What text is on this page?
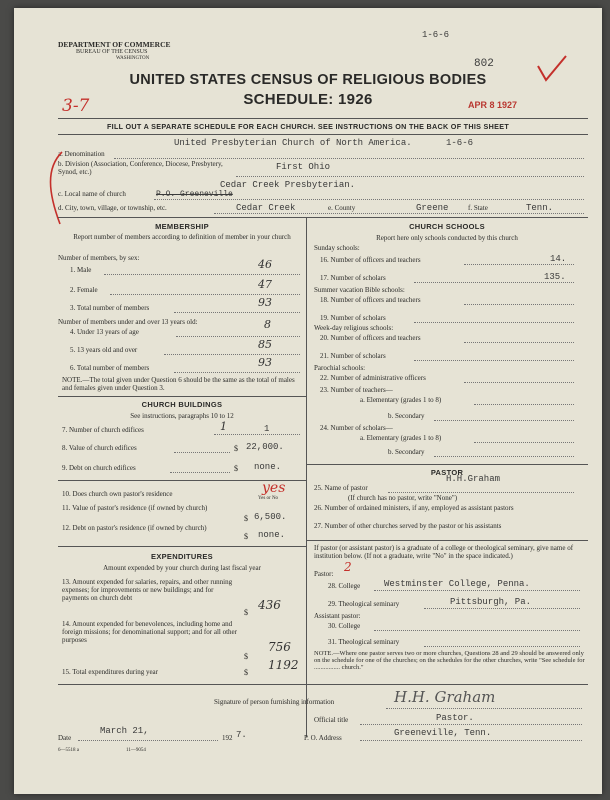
DEPARTMENT OF COMMERCE
BUREAU OF THE CENSUS
WASHINGTON
1-6-6
802
UNITED STATES CENSUS OF RELIGIOUS BODIES
SCHEDULE: 1926
3-7	APR 8 1927
FILL OUT A SEPARATE SCHEDULE FOR EACH CHURCH. SEE INSTRUCTIONS ON THE BACK OF THIS SHEET
United Presbyterian Church of North America.	1-6-6
a. Denomination
b. Division (Association, Conference, Diocese, Presbytery, Synod, etc.)	First Ohio
Cedar Creek Presbyterian.
c. Local name of church	P.O. Greeneville
d. City, town, village, or township, etc.	Cedar Creek	e. County	Greene	f. State	Tenn.
MEMBERSHIP
Report number of members according to definition of member in your church
Number of members, by sex:
1. Male	46
2. Female	47
3. Total number of members	93
Number of members under and over 13 years old:
4. Under 13 years of age
8
5. 13 years old and over	85
6. Total number of members	93
NOTE.—The total given under Question 6 should be the same as the total of males and females given under Question 3.
CHURCH BUILDINGS
See instructions, paragraphs 10 to 12
7. Number of church edifices	1	1
8. Value of church edifices	$ 22,000.
9. Debt on church edifices	$ none.
10. Does church own pastor's residence	yes
Yes or No
11. Value of pastor's residence (if owned by church)
$ 6,500.
12. Debt on pastor's residence (if owned by church)
$ none.
EXPENDITURES
Amount expended by your church during last fiscal year
13. Amount expended for salaries, repairs, and other running expenses; for improvements or new buildings; and for payments on church debt
$
436
14. Amount expended for benevolences, including home and foreign missions; for denominational support; and for all other purposes
$
756
15. Total expenditures during year	$
1192
CHURCH SCHOOLS
Report here only schools conducted by this church
Sunday schools:
16. Number of officers and teachers	14.
17. Number of scholars	135.
Summer vacation Bible schools:
18. Number of officers and teachers
19. Number of scholars
Week-day religious schools:
20. Number of officers and teachers
21. Number of scholars
Parochial schools:
22. Number of administrative officers
23. Number of teachers—
a. Elementary (grades 1 to 8)
b. Secondary
24. Number of scholars—
a. Elementary (grades 1 to 8)
b. Secondary
PASTOR
H.H.Graham
25. Name of pastor
(If church has no pastor, write "None")
26. Number of ordained ministers, if any, employed as assistant pastors
27. Number of other churches served by the pastor or his assistants
If pastor (or assistant pastor) is a graduate of a college or theological seminary, give name of institution below. (If not a graduate, write "No" in the space indicated.)
Pastor: 2
28. College	Westminster College, Penna.
29. Theological seminary	Pittsburgh, Pa.
Assistant pastor:
30. College
31. Theological seminary
NOTE.—Where one pastor serves two or more churches, Questions 28 and 29 should be answered only on the schedule for one of the churches; on the schedules for the other churches, write "See schedule for ................ church."
Signature of person furnishing information	H.H. Graham
Official title	Pastor.
Date
March 21,
192 7.	P. O. Address	Greeneville, Tenn.
6—5518 a	11—9054
